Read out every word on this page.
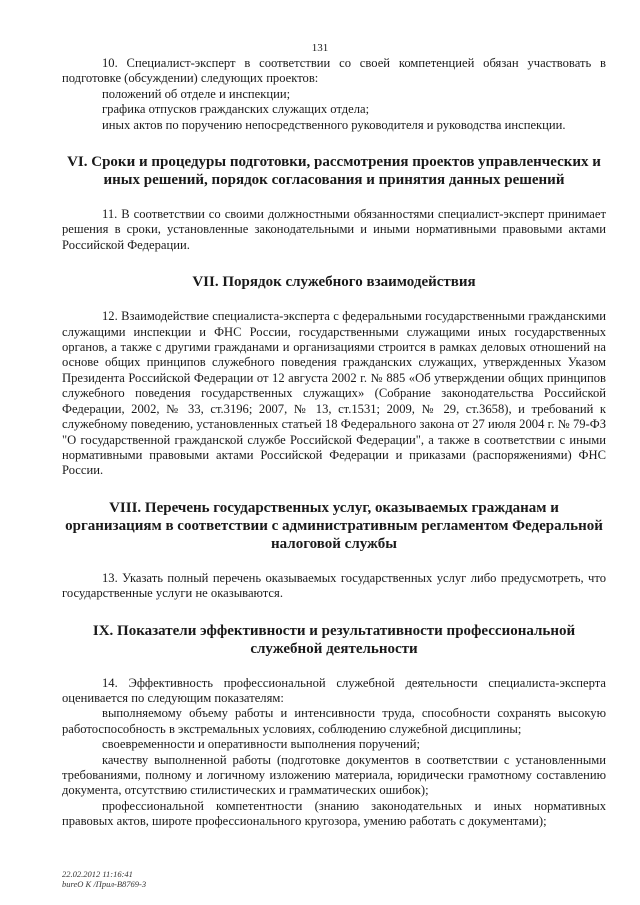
131

10. Специалист-эксперт в соответствии со своей компетенцией обязан участвовать в подготовке (обсуждении) следующих проектов:

положений об отделе и инспекции;

графика отпусков гражданских служащих отдела;

иных актов по поручению непосредственного руководителя и руководства инспекции.

VI. Сроки и процедуры подготовки, рассмотрения проектов управленческих и иных решений, порядок согласования и принятия данных решений

11. В соответствии со своими должностными обязанностями специалист-эксперт принимает решения в сроки, установленные законодательными и иными нормативными правовыми актами Российской Федерации.

VII. Порядок служебного взаимодействия

12. Взаимодействие специалиста-эксперта с федеральными государственными гражданскими служащими инспекции и ФНС России, государственными служащими иных государственных органов, а также с другими гражданами и организациями строится в рамках деловых отношений на основе общих принципов служебного поведения гражданских служащих, утвержденных Указом Президента Российской Федерации от 12 августа 2002 г. № 885 «Об утверждении общих принципов служебного поведения государственных служащих» (Собрание законодательства Российской Федерации, 2002, № 33, ст.3196; 2007, № 13, ст.1531; 2009, № 29, ст.3658), и требований к служебному поведению, установленных статьей 18 Федерального закона от 27 июля 2004 г. № 79-ФЗ "О государственной гражданской службе Российской Федерации", а также в соответствии с иными нормативными правовыми актами Российской Федерации и приказами (распоряжениями) ФНС России.

VIII. Перечень государственных услуг, оказываемых гражданам и организациям в соответствии с административным регламентом Федеральной налоговой службы

13. Указать полный перечень оказываемых государственных услуг либо предусмотреть, что государственные услуги не оказываются.

IX. Показатели эффективности и результативности профессиональной служебной деятельности

14. Эффективность профессиональной служебной деятельности специалиста-эксперта оценивается по следующим показателям:

выполняемому объему работы и интенсивности труда, способности сохранять высокую работоспособность в экстремальных условиях, соблюдению служебной дисциплины;

своевременности и оперативности выполнения поручений;

качеству выполненной работы (подготовке документов в соответствии с установленными требованиями, полному и логичному изложению материала, юридически грамотному составлению документа, отсутствию стилистических и грамматических ошибок);

профессиональной компетентности (знанию законодательных и иных нормативных правовых актов, широте профессионального кругозора, умению работать с документами);

22.02.2012 11:16:41
bureO K /Прил-В8769-3
